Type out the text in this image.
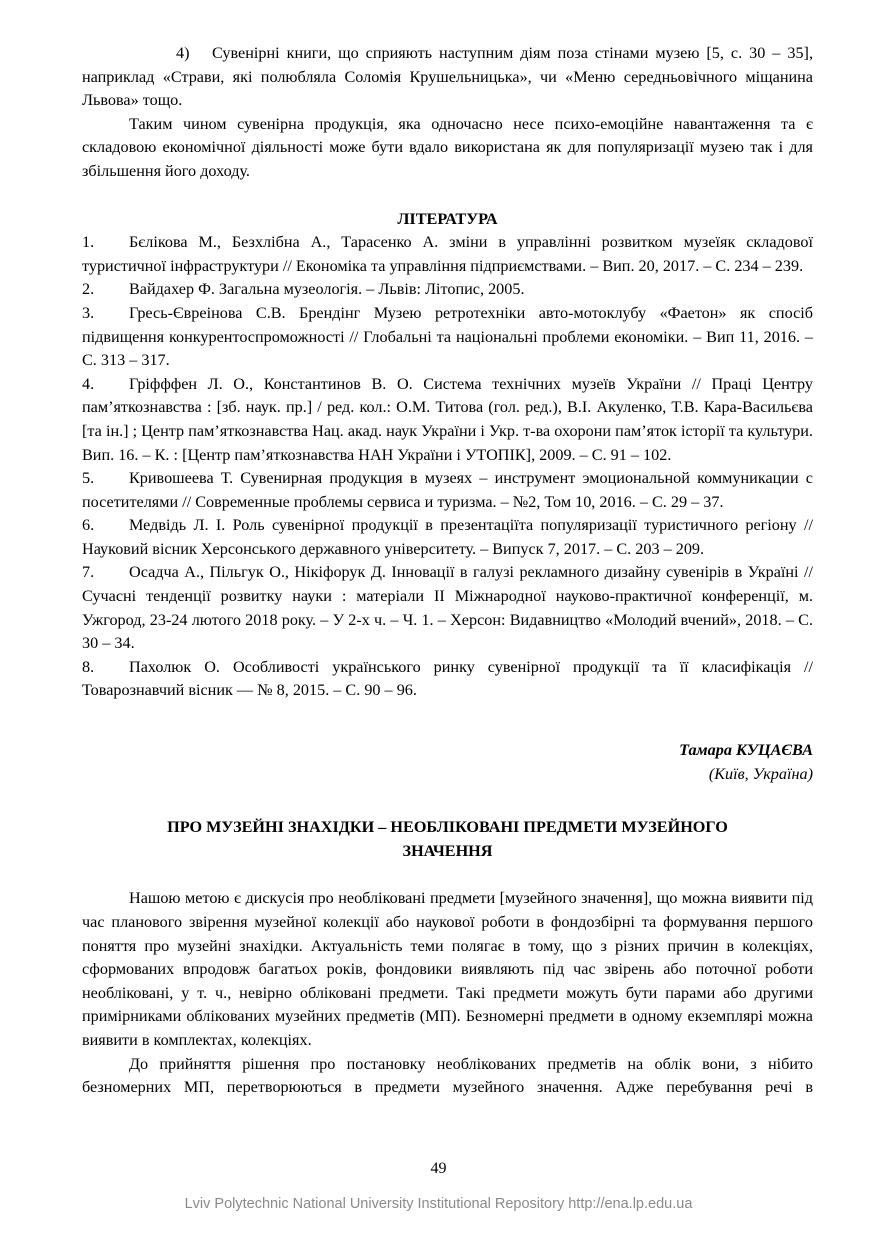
4) Сувенірні книги, що сприяють наступним діям поза стінами музею [5, с. 30 – 35], наприклад «Страви, які полюбляла Соломія Крушельницька», чи «Меню середньовічного міщанина Львова» тощо.

Таким чином сувенірна продукція, яка одночасно несе психо-емоційне навантаження та є складовою економічної діяльності може бути вдало використана як для популяризації музею так і для збільшення його доходу.

ЛІТЕРАТУРА

1. Бєлікова М., Безхлібна А., Тарасенко А. зміни в управлінні розвитком музеїяк складової туристичної інфраструктури // Економіка та управління підприємствами. – Вип. 20, 2017. – С. 234 – 239.

2. Вайдахер Ф. Загальна музеологія. – Львів: Літопис, 2005.

3. Гресь-Євреінова С.В. Брендінг Музею ретротехніки авто-мотоклубу «Фаетон» як спосіб підвищення конкурентоспроможності // Глобальні та національні проблеми економіки. – Вип 11, 2016. – С. 313 – 317.

4. Гріфффен Л. О., Константинов В. О. Система технічних музеїв України // Праці Центру пам’яткознавства : [зб. наук. пр.] / ред. кол.: О.М. Титова (гол. ред.), В.І. Акуленко, Т.В. Кара-Васильєва [та ін.] ; Центр пам’яткознавства Нац. акад. наук України і Укр. т-ва охорони пам’яток історії та культури. Вип. 16. – К. : [Центр пам’яткознавства НАН України і УТОПІК], 2009. – С. 91 – 102.

5. Кривошеева Т. Сувенирная продукция в музеях – инструмент эмоциональной коммуникации с посетителями // Современные проблемы сервиса и туризма. – №2, Том 10, 2016. – С. 29 – 37.

6. Медвідь Л. І. Роль сувенірної продукції в презентаціїта популяризації туристичного регіону // Науковий вісник Херсонського державного університету. – Випуск 7, 2017. – С. 203 – 209.

7. Осадча А., Пільгук О., Нікіфорук Д. Інновації в галузі рекламного дизайну сувенірів в Україні // Сучасні тенденції розвитку науки : матеріали ІІ Міжнародної науково-практичної конференції, м. Ужгород, 23-24 лютого 2018 року. – У 2-х ч. – Ч. 1. – Херсон: Видавництво «Молодий вчений», 2018. – С. 30 – 34.

8. Пахолюк О. Особливості українського ринку сувенірної продукції та її класифікація // Товарознавчий вісник — № 8, 2015. – С. 90 – 96.

Тамара КУЦАЄВА
(Київ, Україна)

ПРО МУЗЕЙНІ ЗНАХІДКИ – НЕОБЛІКОВАНІ ПРЕДМЕТИ МУЗЕЙНОГО ЗНАЧЕННЯ

Нашою метою є дискусія про необліковані предмети [музейного значення], що можна виявити під час планового звірення музейної колекції або наукової роботи в фондозбірні та формування першого поняття про музейні знахідки. Актуальність теми полягає в тому, що з різних причин в колекціях, сформованих впродовж багатьох років, фондовики виявляють під час звірень або поточної роботи необліковані, у т. ч., невірно обліковані предмети. Такі предмети можуть бути парами або другими примірниками облікованих музейних предметів (МП). Безномерні предмети в одному екземплярі можна виявити в комплектах, колекціях.

До прийняття рішення про постановку необлікованих предметів на облік вони, з нібито безномерних МП, перетворюються в предмети музейного значення. Адже перебування речі в

49
Lviv Polytechnic National University Institutional Repository http://ena.lp.edu.ua
